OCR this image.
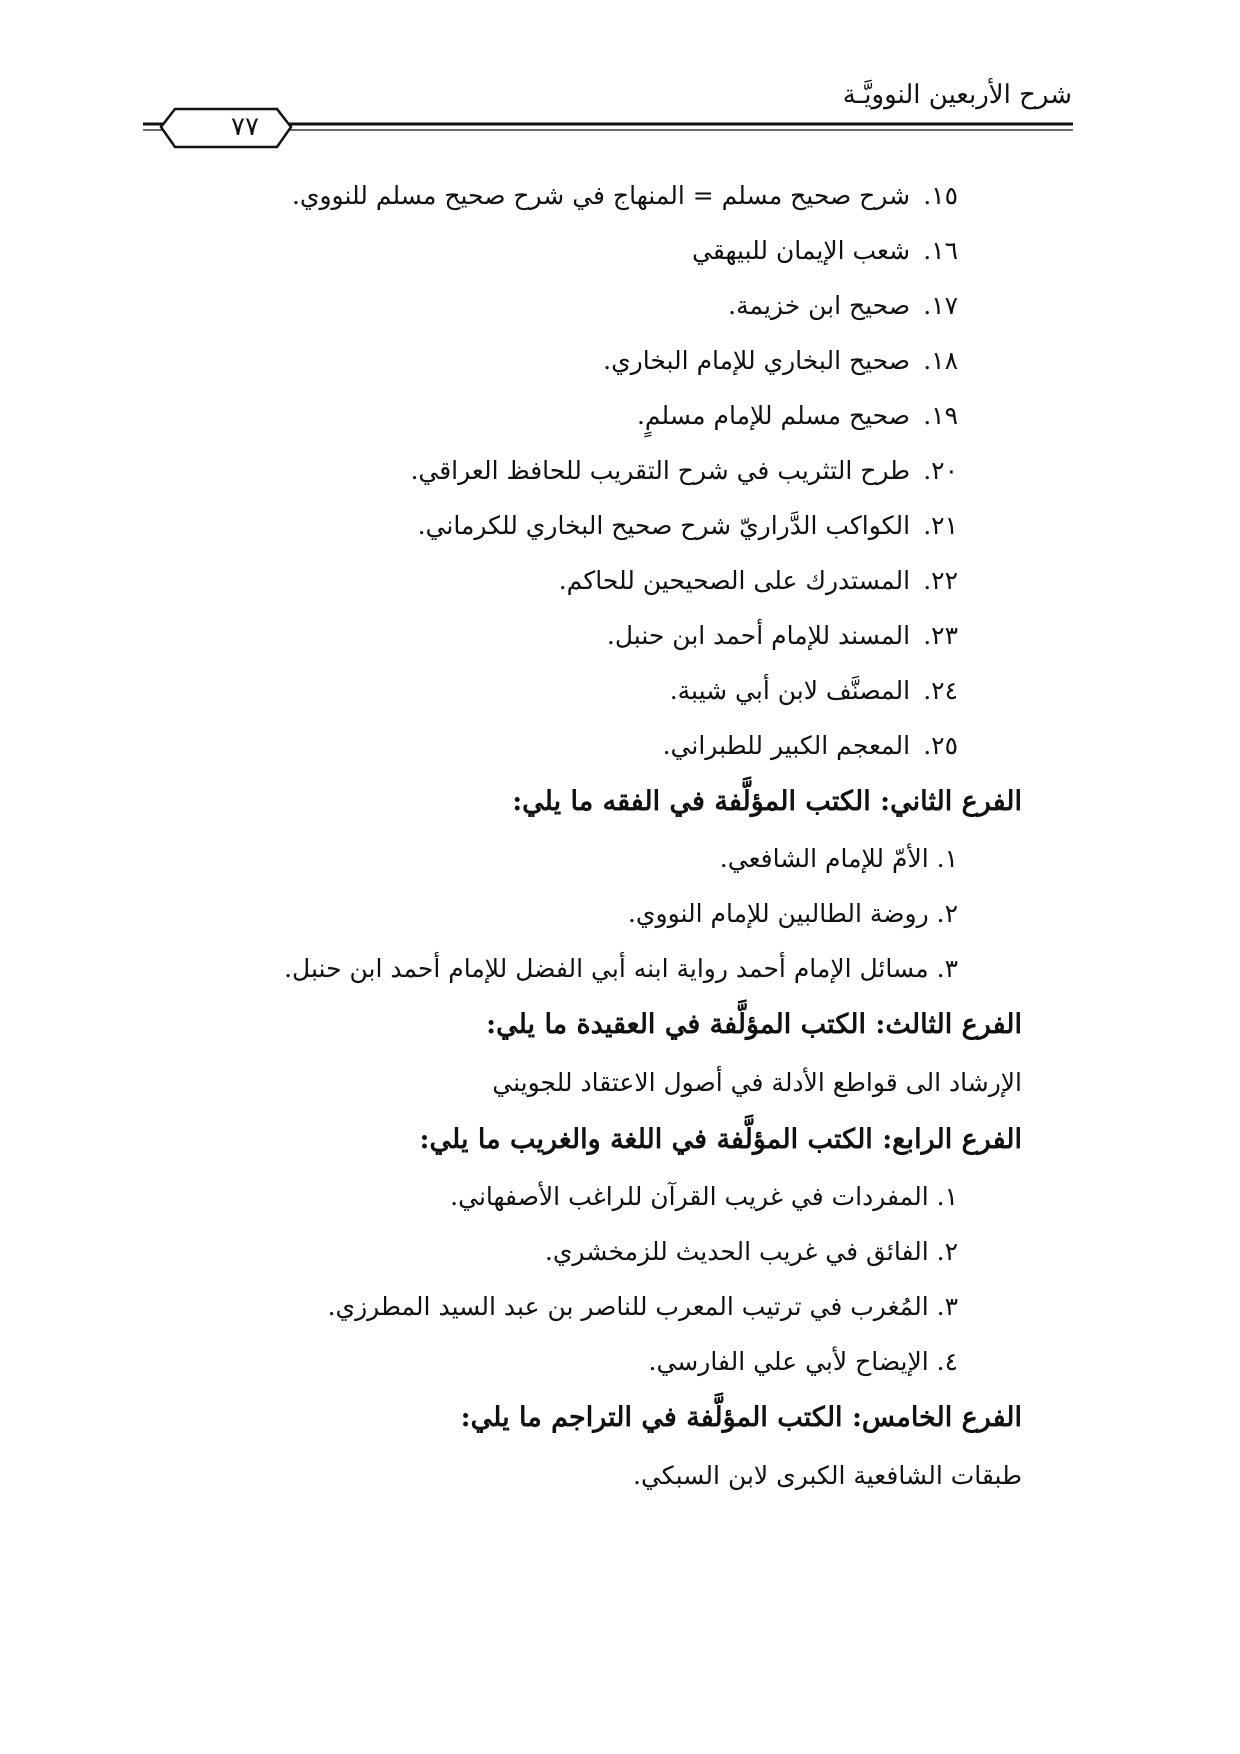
شرح الأربعين النوويَّـة
٧٧
١٥. شرح صحيح مسلم = المنهاج في شرح صحيح مسلم للنووي.
١٦. شعب الإيمان للبيهقي
١٧. صحيح ابن خزيمة.
١٨. صحيح البخاري للإمام البخاري.
١٩. صحيح مسلم للإمام مسلمٍ.
٢٠. طرح التثريب في شرح التقريب للحافظ العراقي.
٢١. الكواكب الدَّراريّ شرح صحيح البخاري للكرماني.
٢٢. المستدرك على الصحيحين للحاكم.
٢٣. المسند للإمام أحمد ابن حنبل.
٢٤. المصنَّف لابن أبي شيبة.
٢٥. المعجم الكبير للطبراني.
الفرع الثاني: الكتب المؤلَّفة في الفقه ما يلي:
١. الأمّ للإمام الشافعي.
٢. روضة الطالبين للإمام النووي.
٣. مسائل الإمام أحمد رواية ابنه أبي الفضل للإمام أحمد ابن حنبل.
الفرع الثالث: الكتب المؤلَّفة في العقيدة ما يلي:
الإرشاد الى قواطع الأدلة في أصول الاعتقاد للجويني
الفرع الرابع: الكتب المؤلَّفة في اللغة والغريب ما يلي:
١. المفردات في غريب القرآن للراغب الأصفهاني.
٢. الفائق في غريب الحديث للزمخشري.
٣. المُغرب في ترتيب المعرب للناصر بن عبد السيد المطرزي.
٤. الإيضاح لأبي علي الفارسي.
الفرع الخامس: الكتب المؤلَّفة في التراجم ما يلي:
طبقات الشافعية الكبرى لابن السبكي.
